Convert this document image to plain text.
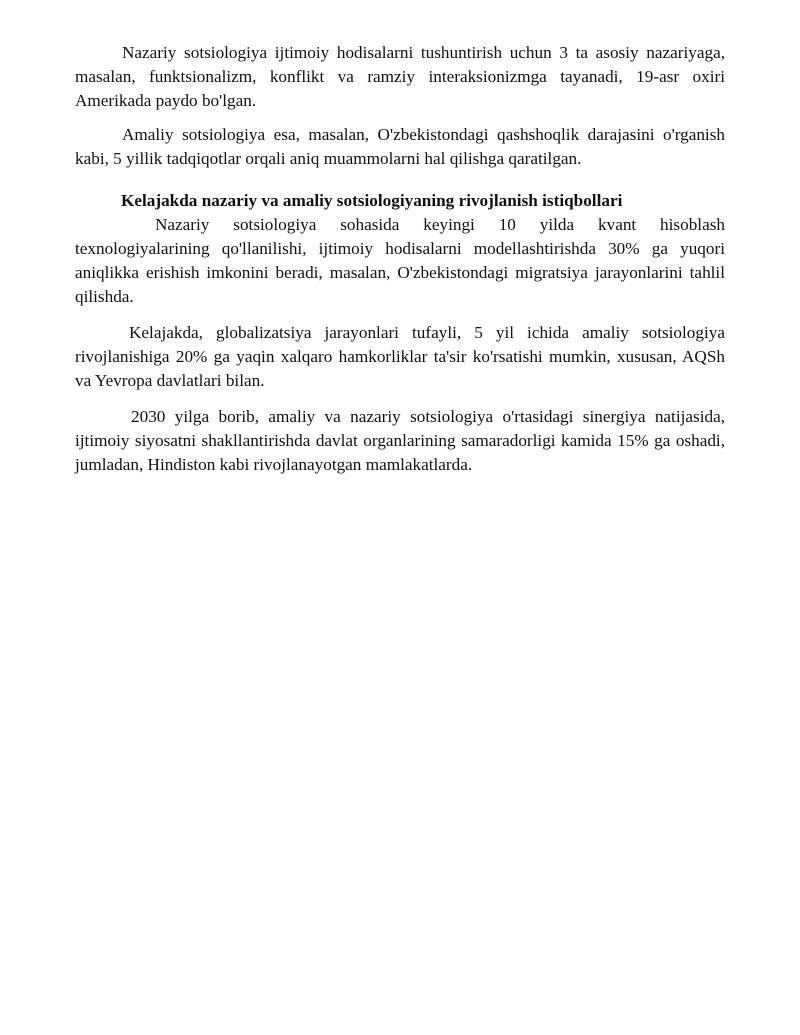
Nazariy sotsiologiya ijtimoiy hodisalarni tushuntirish uchun 3 ta asosiy nazariyaga, masalan, funktsionalizm, konflikt va ramziy interaksionizmga tayanadi, 19-asr oxiri Amerikada paydo bo'lgan.

Amaliy sotsiologiya esa, masalan, O'zbekistondagi qashshoqlik darajasini o'rganish kabi, 5 yillik tadqiqotlar orqali aniq muammolarni hal qilishga qaratilgan.

Kelajakda nazariy va amaliy sotsiologiyaning rivojlanish istiqbollari

Nazariy sotsiologiya sohasida keyingi 10 yilda kvant hisoblash texnologiyalarining qo'llanilishi, ijtimoiy hodisalarni modellashtirishda 30% ga yuqori aniqlikka erishish imkonini beradi, masalan, O'zbekistondagi migratsiya jarayonlarini tahlil qilishda.

Kelajakda, globalizatsiya jarayonlari tufayli, 5 yil ichida amaliy sotsiologiya rivojlanishiga 20% ga yaqin xalqaro hamkorliklar ta'sir ko'rsatishi mumkin, xususan, AQSh va Yevropa davlatlari bilan.

2030 yilga borib, amaliy va nazariy sotsiologiya o'rtasidagi sinergiya natijasida, ijtimoiy siyosatni shakllantirishda davlat organlarining samaradorligi kamida 15% ga oshadi, jumladan, Hindiston kabi rivojlanayotgan mamlakatlarda.
